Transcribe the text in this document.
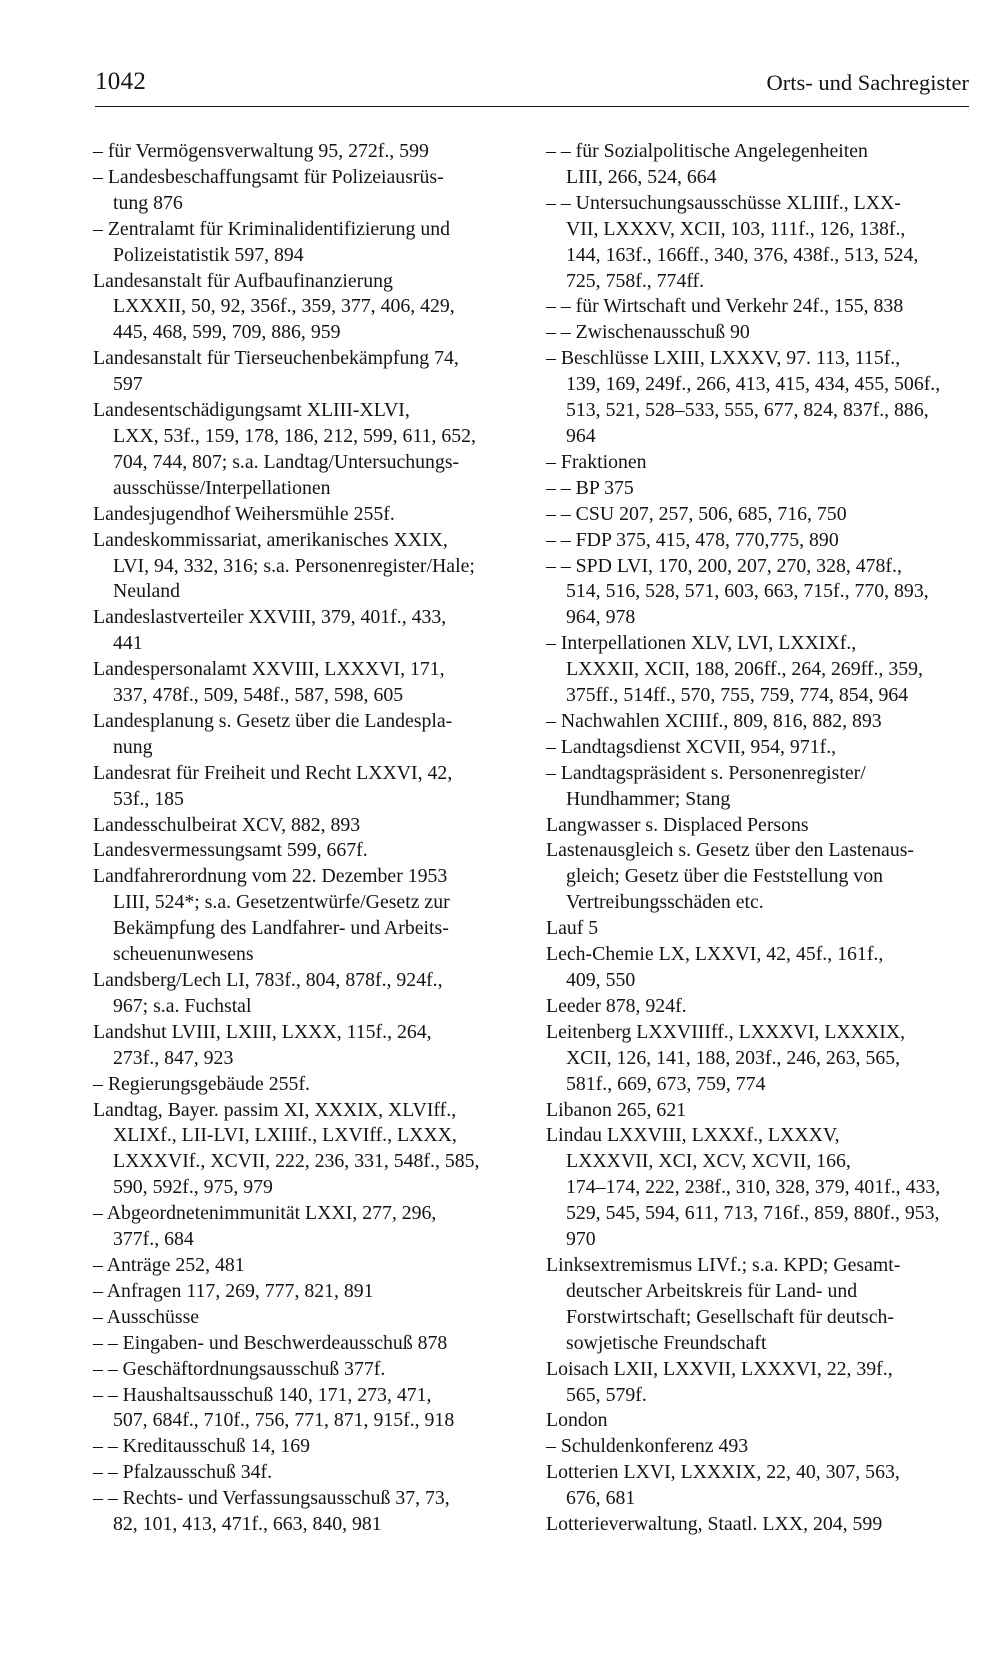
1042	Orts- und Sachregister
– für Vermögensverwaltung 95, 272f., 599
– Landesbeschaffungsamt für Polizeiausrüs-
tung 876
– Zentralamt für Kriminalidentifizierung und
Polizeistatistik 597, 894
Landesanstalt für Aufbaufinanzierung
LXXXII, 50, 92, 356f., 359, 377, 406, 429,
445, 468, 599, 709, 886, 959
Landesanstalt für Tierseuchenbekämpfung 74,
597
Landesentschädigungsamt XLIII-XLVI,
LXX, 53f., 159, 178, 186, 212, 599, 611, 652,
704, 744, 807; s.a. Landtag/Untersuchungs-
ausschüsse/Interpellationen
Landesjugendhof Weihersmühle 255f.
Landeskommissariat, amerikanisches XXIX,
LVI, 94, 332, 316; s.a. Personenregister/Hale;
Neuland
Landeslastverteiler XXVIII, 379, 401f., 433,
441
Landespersonalamt XXVIII, LXXXVI, 171,
337, 478f., 509, 548f., 587, 598, 605
Landesplanung s. Gesetz über die Landespla-
nung
Landesrat für Freiheit und Recht LXXVI, 42,
53f., 185
Landesschulbeirat XCV, 882, 893
Landesvermessungsamt 599, 667f.
Landfahrerordnung vom 22. Dezember 1953
LIII, 524*; s.a. Gesetzentwürfe/Gesetz zur
Bekämpfung des Landfahrer- und Arbeits-
scheuenunwesens
Landsberg/Lech LI, 783f., 804, 878f., 924f.,
967; s.a. Fuchstal
Landshut LVIII, LXIII, LXXX, 115f., 264,
273f., 847, 923
– Regierungsgebäude 255f.
Landtag, Bayer. passim XI, XXXIX, XLVIff.,
XLIXf., LII-LVI, LXIIIf., LXVIff., LXXX,
LXXXVIf., XCVII, 222, 236, 331, 548f., 585,
590, 592f., 975, 979
– Abgeordnetenimmunität LXXI, 277, 296,
377f., 684
– Anträge 252, 481
– Anfragen 117, 269, 777, 821, 891
– Ausschüsse
– – Eingaben- und Beschwerdeausschuß 878
– – Geschäftordnungsausschuß 377f.
– – Haushaltsausschuß 140, 171, 273, 471,
507, 684f., 710f., 756, 771, 871, 915f., 918
– – Kreditausschuß 14, 169
– – Pfalzausschuß 34f.
– – Rechts- und Verfassungsausschuß 37, 73,
82, 101, 413, 471f., 663, 840, 981
– – für Sozialpolitische Angelegenheiten
LIII, 266, 524, 664
– – Untersuchungsausschüsse XLIIIf., LXX-
VII, LXXXV, XCII, 103, 111f., 126, 138f.,
144, 163f., 166ff., 340, 376, 438f., 513, 524,
725, 758f., 774ff.
– – für Wirtschaft und Verkehr 24f., 155, 838
– – Zwischenausschuß 90
– Beschlüsse LXIII, LXXXV, 97. 113, 115f.,
139, 169, 249f., 266, 413, 415, 434, 455, 506f.,
513, 521, 528–533, 555, 677, 824, 837f., 886,
964
– Fraktionen
– – BP 375
– – CSU 207, 257, 506, 685, 716, 750
– – FDP 375, 415, 478, 770,775, 890
– – SPD LVI, 170, 200, 207, 270, 328, 478f.,
514, 516, 528, 571, 603, 663, 715f., 770, 893,
964, 978
– Interpellationen XLV, LVI, LXXIXf.,
LXXXII, XCII, 188, 206ff., 264, 269ff., 359,
375ff., 514ff., 570, 755, 759, 774, 854, 964
– Nachwahlen XCIIIf., 809, 816, 882, 893
– Landtagsdienst XCVII, 954, 971f.,
– Landtagspräsident s. Personenregister/
Hundhammer; Stang
Langwasser s. Displaced Persons
Lastenausgleich s. Gesetz über den Lastenaus-
gleich; Gesetz über die Feststellung von
Vertreibungsschäden etc.
Lauf 5
Lech-Chemie LX, LXXVI, 42, 45f., 161f.,
409, 550
Leeder 878, 924f.
Leitenberg LXXVIIIff., LXXXVI, LXXXIX,
XCII, 126, 141, 188, 203f., 246, 263, 565,
581f., 669, 673, 759, 774
Libanon 265, 621
Lindau LXXVIII, LXXXf., LXXXV,
LXXXVII, XCI, XCV, XCVII, 166,
174–174, 222, 238f., 310, 328, 379, 401f., 433,
529, 545, 594, 611, 713, 716f., 859, 880f., 953,
970
Linksextremismus LIVf.; s.a. KPD; Gesamt-
deutscher Arbeitskreis für Land- und
Forstwirtschaft; Gesellschaft für deutsch-
sowjetische Freundschaft
Loisach LXII, LXXVII, LXXXVI, 22, 39f.,
565, 579f.
London
– Schuldenkonferenz 493
Lotterien LXVI, LXXXIX, 22, 40, 307, 563,
676, 681
Lotterieverwaltung, Staatl. LXX, 204, 599
